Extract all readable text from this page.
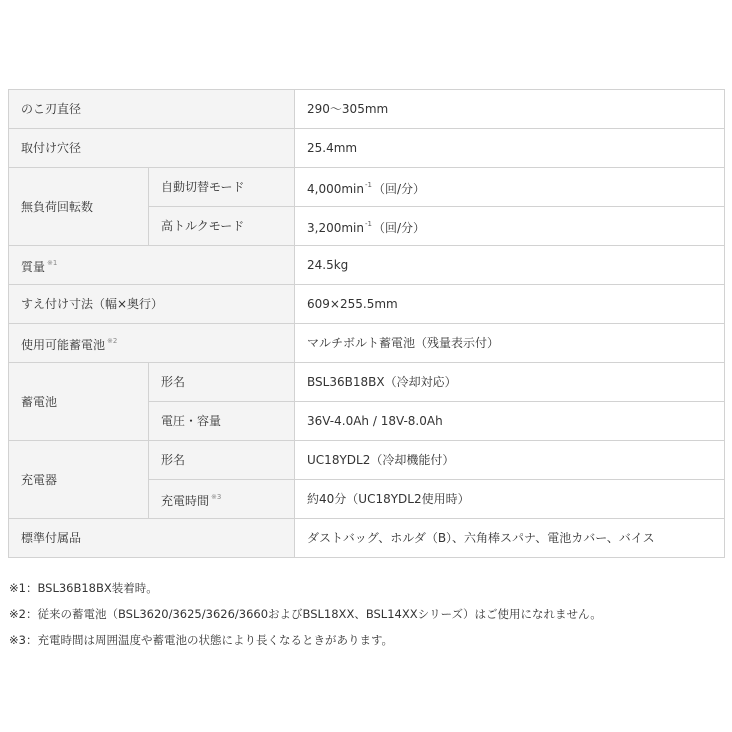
のこ刃直径		290〜305mm
取付け穴径		25.4mm
無負荷回転数	自動切替モード	$4,000\min^{-1}$（回/分）
	高トルクモード	$3,200\min^{-1}$（回/分）
質量 $^{※1}$		24.5kg
すえ付け寸法（幅×奥行）		609×255.5mm
使用可能蓄電池 $^{※2}$		マルチボルト蓄電池（残量表示付）
蓄電池	形名	BSL36B18BX（冷却対応）
	電圧・容量	36V-4.0Ah / 18V-8.0Ah
充電器	形名	UC18YDL2（冷却機能付）
	充電時間 $^{※3}$	約40分（UC18YDL2使用時）
標準付属品		ダストバッグ、ホルダ（B）、六角棒スパナ、電池カバー、バイス
※1：BSL36B18BX装着時。
※2：従来の蓄電池（BSL3620/3625/3626/3660およびBSL18XX、BSL14XXシリーズ）はご使用になれません。
※3：充電時間は周囲温度や蓄電池の状態により長くなるときがあります。
